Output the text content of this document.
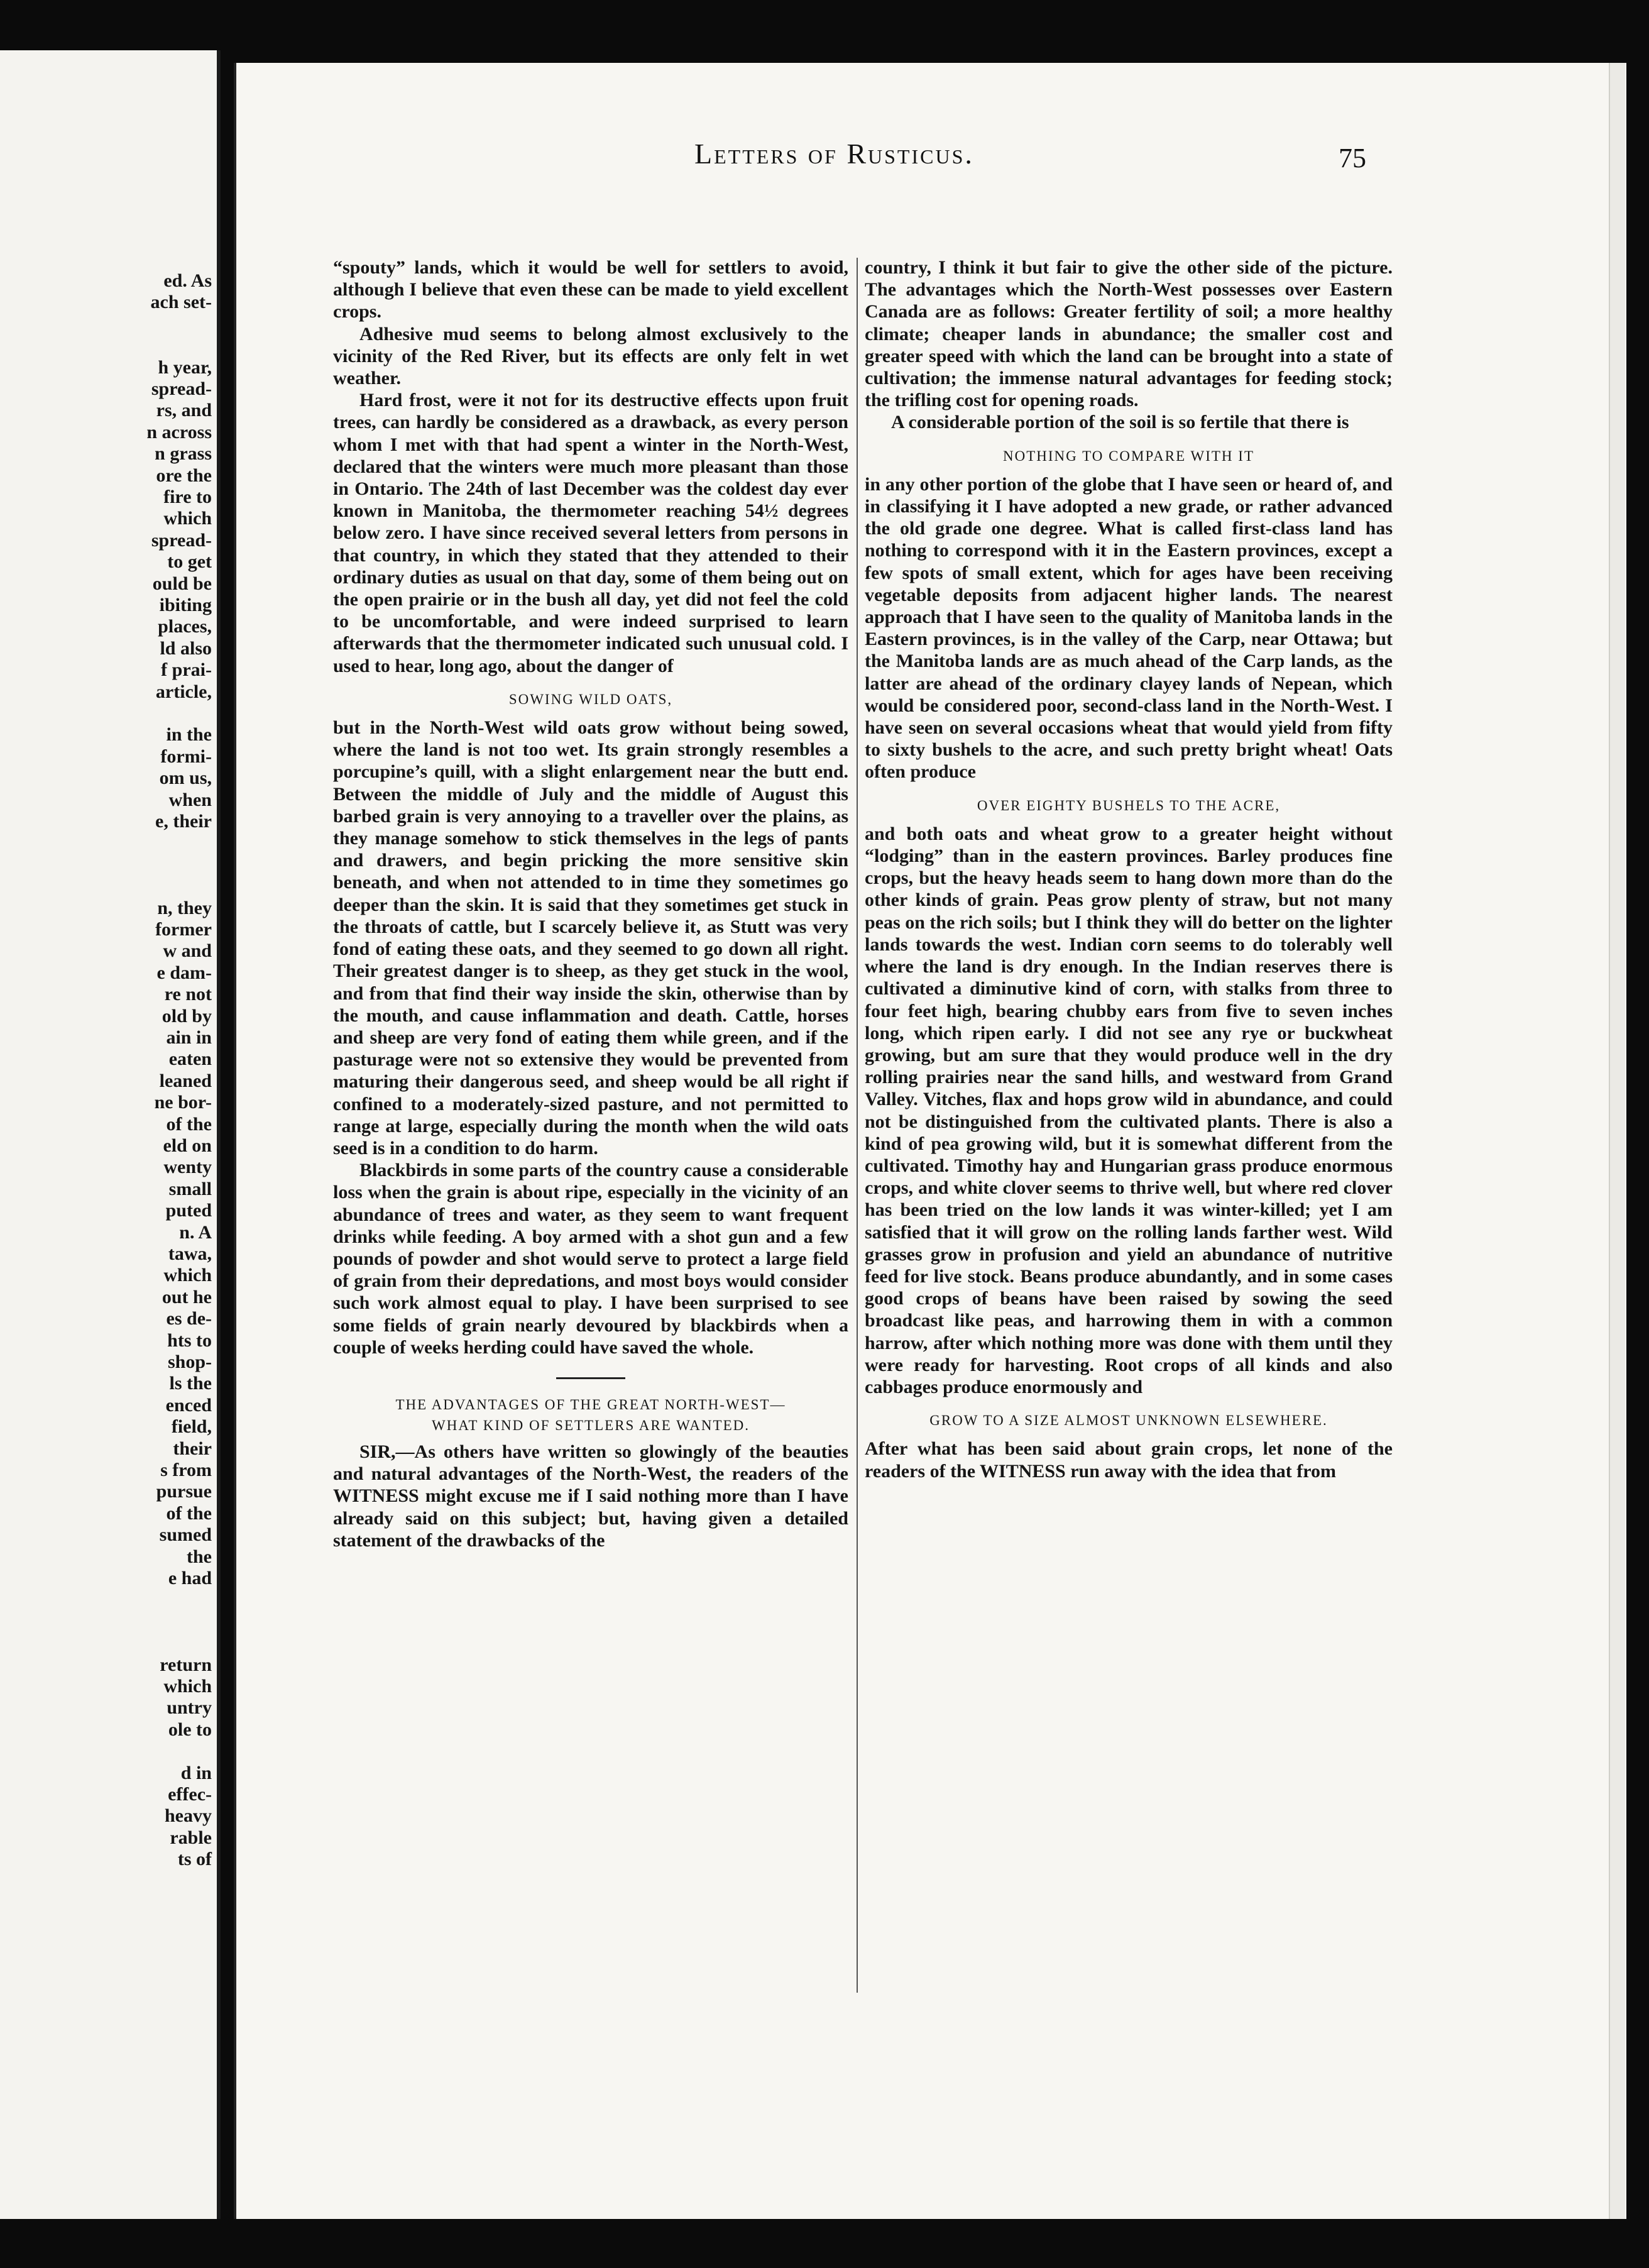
ed. As
ach set-
h year,
spread-
rs, and
n across
n grass
ore the
fire to
which
spread-
to get
ould be
ibiting
places,
ld also
f prai-
article,
in the
formi-
om us,
when
e, their
n, they
former
w and
e dam-
re not
old by
ain in
eaten
leaned
ne bor-
of the
eld on
wenty
small
puted
n. A
tawa,
which
out he
es de-
hts to
shop-
ls the
enced
field,
their
s from
pursue
of the
sumed
the
e had
return
which
untry
ole to
d in
effec-
heavy
rable
ts of
Letters of Rusticus.	75

“spouty” lands, which it would be well for settlers to avoid, although I believe that even these can be made to yield excellent crops.

Adhesive mud seems to belong almost exclusively to the vicinity of the Red River, but its effects are only felt in wet weather.

Hard frost, were it not for its destructive effects upon fruit trees, can hardly be considered as a drawback, as every person whom I met with that had spent a winter in the North-West, declared that the winters were much more pleasant than those in Ontario. The 24th of last December was the coldest day ever known in Manitoba, the thermometer reaching 54½ degrees below zero. I have since received several letters from persons in that country, in which they stated that they attended to their ordinary duties as usual on that day, some of them being out on the open prairie or in the bush all day, yet did not feel the cold to be uncomfortable, and were indeed surprised to learn afterwards that the thermometer indicated such unusual cold. I used to hear, long ago, about the danger of

SOWING WILD OATS,

but in the North-West wild oats grow without being sowed, where the land is not too wet. Its grain strongly resembles a porcupine’s quill, with a slight enlargement near the butt end. Between the middle of July and the middle of August this barbed grain is very annoying to a traveller over the plains, as they manage somehow to stick themselves in the legs of pants and drawers, and begin pricking the more sensitive skin beneath, and when not attended to in time they sometimes go deeper than the skin. It is said that they sometimes get stuck in the throats of cattle, but I scarcely believe it, as Stutt was very fond of eating these oats, and they seemed to go down all right. Their greatest danger is to sheep, as they get stuck in the wool, and from that find their way inside the skin, otherwise than by the mouth, and cause inflammation and death. Cattle, horses and sheep are very fond of eating them while green, and if the pasturage were not so extensive they would be prevented from maturing their dangerous seed, and sheep would be all right if confined to a moderately-sized pasture, and not permitted to range at large, especially during the month when the wild oats seed is in a condition to do harm.

Blackbirds in some parts of the country cause a considerable loss when the grain is about ripe, especially in the vicinity of an abundance of trees and water, as they seem to want frequent drinks while feeding. A boy armed with a shot gun and a few pounds of powder and shot would serve to protect a large field of grain from their depredations, and most boys would consider such work almost equal to play. I have been surprised to see some fields of grain nearly devoured by blackbirds when a couple of weeks herding could have saved the whole.

THE ADVANTAGES OF THE GREAT NORTH-WEST—
WHAT KIND OF SETTLERS ARE WANTED.

SIR,—As others have written so glowingly of the beauties and natural advantages of the North-West, the readers of the WITNESS might excuse me if I said nothing more than I have already said on this subject; but, having given a detailed statement of the drawbacks of the

country, I think it but fair to give the other side of the picture. The advantages which the North-West possesses over Eastern Canada are as follows: Greater fertility of soil; a more healthy climate; cheaper lands in abundance; the smaller cost and greater speed with which the land can be brought into a state of cultivation; the immense natural advantages for feeding stock; the trifling cost for opening roads.

A considerable portion of the soil is so fertile that there is

NOTHING TO COMPARE WITH IT

in any other portion of the globe that I have seen or heard of, and in classifying it I have adopted a new grade, or rather advanced the old grade one degree. What is called first-class land has nothing to correspond with it in the Eastern provinces, except a few spots of small extent, which for ages have been receiving vegetable deposits from adjacent higher lands. The nearest approach that I have seen to the quality of Manitoba lands in the Eastern provinces, is in the valley of the Carp, near Ottawa; but the Manitoba lands are as much ahead of the Carp lands, as the latter are ahead of the ordinary clayey lands of Nepean, which would be considered poor, second-class land in the North-West. I have seen on several occasions wheat that would yield from fifty to sixty bushels to the acre, and such pretty bright wheat! Oats often produce

OVER EIGHTY BUSHELS TO THE ACRE,

and both oats and wheat grow to a greater height without “lodging” than in the eastern provinces. Barley produces fine crops, but the heavy heads seem to hang down more than do the other kinds of grain. Peas grow plenty of straw, but not many peas on the rich soils; but I think they will do better on the lighter lands towards the west. Indian corn seems to do tolerably well where the land is dry enough. In the Indian reserves there is cultivated a diminutive kind of corn, with stalks from three to four feet high, bearing chubby ears from five to seven inches long, which ripen early. I did not see any rye or buckwheat growing, but am sure that they would produce well in the dry rolling prairies near the sand hills, and westward from Grand Valley. Vitches, flax and hops grow wild in abundance, and could not be distinguished from the cultivated plants. There is also a kind of pea growing wild, but it is somewhat different from the cultivated. Timothy hay and Hungarian grass produce enormous crops, and white clover seems to thrive well, but where red clover has been tried on the low lands it was winter-killed; yet I am satisfied that it will grow on the rolling lands farther west. Wild grasses grow in profusion and yield an abundance of nutritive feed for live stock. Beans produce abundantly, and in some cases good crops of beans have been raised by sowing the seed broadcast like peas, and harrowing them in with a common harrow, after which nothing more was done with them until they were ready for harvesting. Root crops of all kinds and also cabbages produce enormously and

GROW TO A SIZE ALMOST UNKNOWN ELSEWHERE.

After what has been said about grain crops, let none of the readers of the WITNESS run away with the idea that from
